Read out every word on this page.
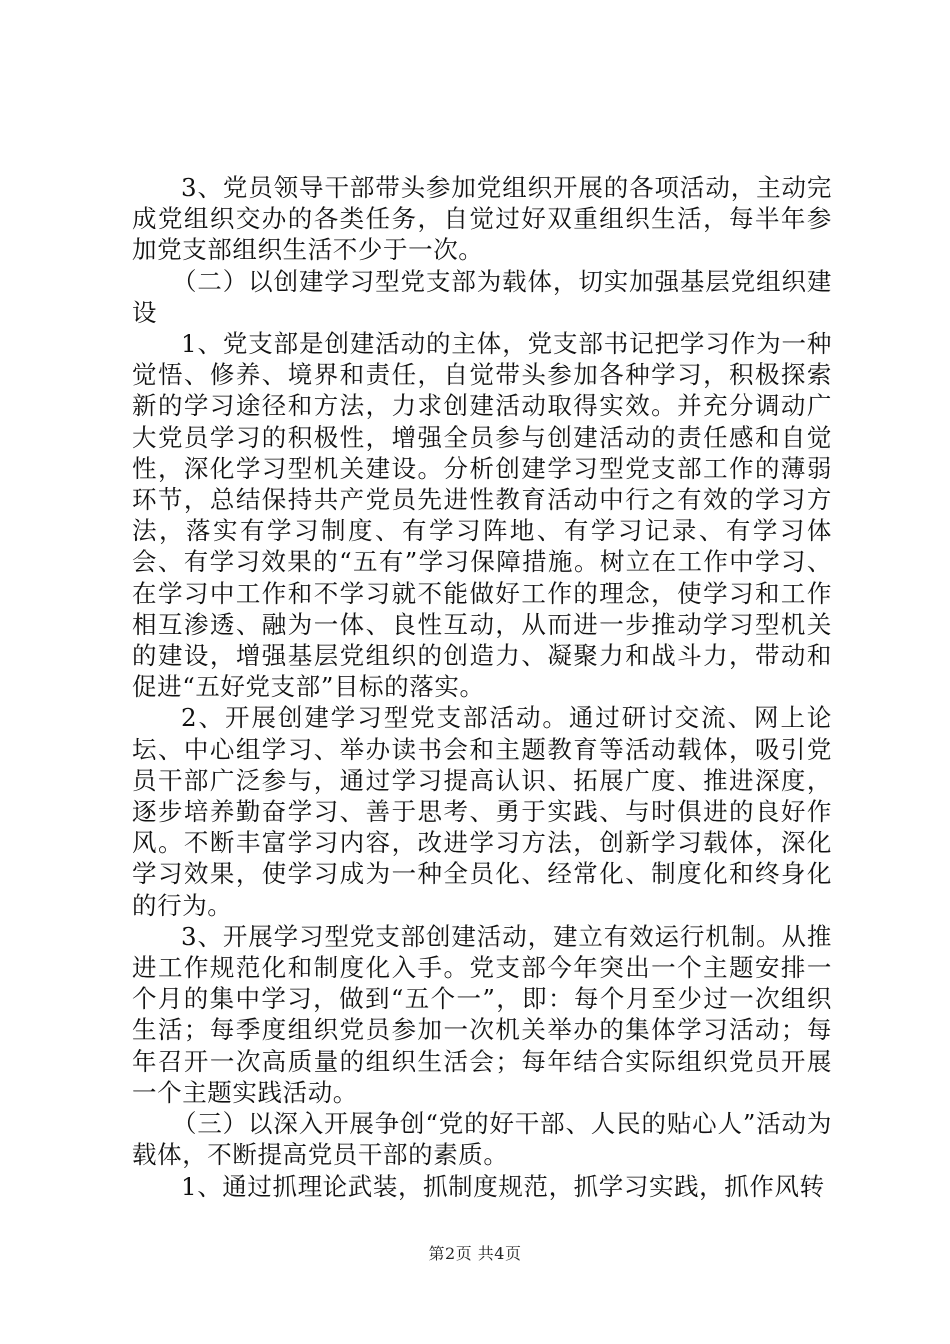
3、党员领导干部带头参加党组织开展的各项活动，主动完成党组织交办的各类任务，自觉过好双重组织生活，每半年参加党支部组织生活不少于一次。

（二）以创建学习型党支部为载体，切实加强基层党组织建设

1、党支部是创建活动的主体，党支部书记把学习作为一种觉悟、修养、境界和责任，自觉带头参加各种学习，积极探索新的学习途径和方法，力求创建活动取得实效。并充分调动广大党员学习的积极性，增强全员参与创建活动的责任感和自觉性，深化学习型机关建设。分析创建学习型党支部工作的薄弱环节，总结保持共产党员先进性教育活动中行之有效的学习方法，落实有学习制度、有学习阵地、有学习记录、有学习体会、有学习效果的“五有”学习保障措施。树立在工作中学习、在学习中工作和不学习就不能做好工作的理念，使学习和工作相互渗透、融为一体、良性互动，从而进一步推动学习型机关的建设，增强基层党组织的创造力、凝聚力和战斗力，带动和促进“五好党支部”目标的落实。

2、开展创建学习型党支部活动。通过研讨交流、网上论坛、中心组学习、举办读书会和主题教育等活动载体，吸引党员干部广泛参与，通过学习提高认识、拓展广度、推进深度，逐步培养勤奋学习、善于思考、勇于实践、与时俱进的良好作风。不断丰富学习内容，改进学习方法，创新学习载体，深化学习效果，使学习成为一种全员化、经常化、制度化和终身化的行为。

3、开展学习型党支部创建活动，建立有效运行机制。从推进工作规范化和制度化入手。党支部今年突出一个主题安排一个月的集中学习，做到“五个一”，即：每个月至少过一次组织生活；每季度组织党员参加一次机关举办的集体学习活动；每年召开一次高质量的组织生活会；每年结合实际组织党员开展一个主题实践活动。

（三）以深入开展争创“党的好干部、人民的贴心人”活动为载体，不断提高党员干部的素质。

1、通过抓理论武装，抓制度规范，抓学习实践，抓作风转

第2页 共4页
